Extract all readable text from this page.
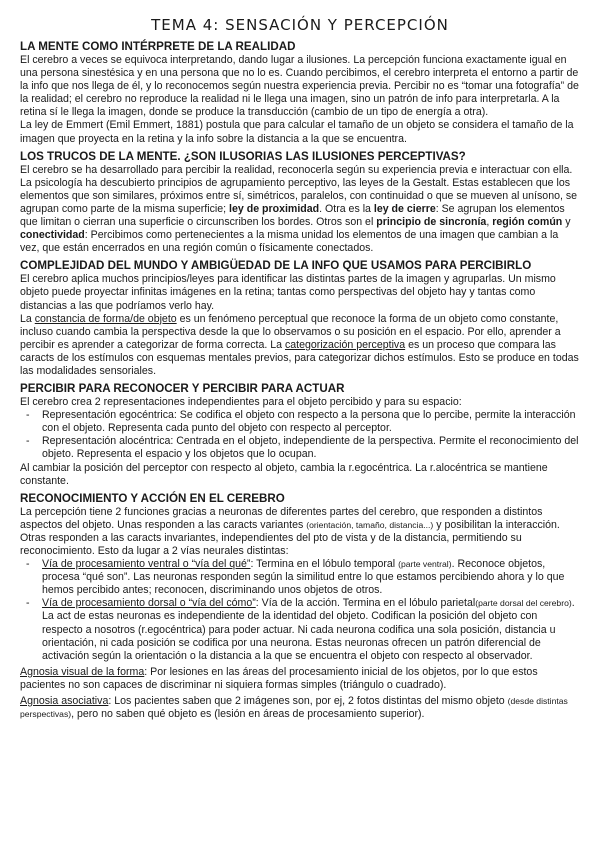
TEMA 4: SENSACIÓN Y PERCEPCIÓN
LA MENTE COMO INTÉRPRETE DE LA REALIDAD

El cerebro a veces se equivoca interpretando, dando lugar a ilusiones. La percepción funciona exactamente igual en una persona sinestésica y en una persona que no lo es. Cuando percibimos, el cerebro interpreta el entorno a partir de la info que nos llega de él, y lo reconocemos según nuestra experiencia previa. Percibir no es “tomar una fotografía” de la realidad; el cerebro no reproduce la realidad ni le llega una imagen, sino un patrón de info para interpretarla. A la retina sí le llega la imagen, donde se produce la transducción (cambio de un tipo de energía a otra).

La ley de Emmert (Emil Emmert, 1881) postula que para calcular el tamaño de un objeto se considera el tamaño de la imagen que proyecta en la retina y la info sobre la distancia a la que se encuentra.

LOS TRUCOS DE LA MENTE. ¿SON ILUSORIAS LAS ILUSIONES PERCEPTIVAS?

El cerebro se ha desarrollado para percibir la realidad, reconocerla según su experiencia previa e interactuar con ella.

La psicología ha descubierto principios de agrupamiento perceptivo, las leyes de la Gestalt. Estas establecen que los elementos que son similares, próximos entre sí, simétricos, paralelos, con continuidad o que se mueven al unísono, se agrupan como parte de la misma superficie; ley de proximidad. Otra es la ley de cierre: Se agrupan los elementos que limitan o cierran una superficie o circunscriben los bordes. Otros son el principio de sincronía, región común y conectividad: Percibimos como pertenecientes a la misma unidad los elementos de una imagen que cambian a la vez, que están encerrados en una región común o físicamente conectados.

COMPLEJIDAD DEL MUNDO Y AMBIGÜEDAD DE LA INFO QUE USAMOS PARA PERCIBIRLO

El cerebro aplica muchos principios/leyes para identificar las distintas partes de la imagen y agruparlas. Un mismo objeto puede proyectar infinitas imágenes en la retina; tantas como perspectivas del objeto hay y tantas como distancias a las que podríamos verlo hay.

La constancia de forma/de objeto es un fenómeno perceptual que reconoce la forma de un objeto como constante, incluso cuando cambia la perspectiva desde la que lo observamos o su posición en el espacio. Por ello, aprender a percibir es aprender a categorizar de forma correcta. La categorización perceptiva es un proceso que compara las caracts de los estímulos con esquemas mentales previos, para categorizar dichos estímulos. Esto se produce en todas las modalidades sensoriales.

PERCIBIR PARA RECONOCER Y PERCIBIR PARA ACTUAR

El cerebro crea 2 representaciones independientes para el objeto percibido y para su espacio:

- Representación egocéntrica: Se codifica el objeto con respecto a la persona que lo percibe, permite la interacción con el objeto. Representa cada punto del objeto con respecto al perceptor.
- Representación alocéntrica: Centrada en el objeto, independiente de la perspectiva. Permite el reconocimiento del objeto. Representa el espacio y los objetos que lo ocupan.

Al cambiar la posición del perceptor con respecto al objeto, cambia la r.egocéntrica. La r.alocéntrica se mantiene constante.

RECONOCIMIENTO Y ACCIÓN EN EL CEREBRO

La percepción tiene 2 funciones gracias a neuronas de diferentes partes del cerebro, que responden a distintos aspectos del objeto. Unas responden a las caracts variantes (orientación, tamaño, distancia...) y posibilitan la interacción. Otras responden a las caracts invariantes, independientes del pto de vista y de la distancia, permitiendo su reconocimiento. Esto da lugar a 2 vías neurales distintas:

- Vía de procesamiento ventral o “vía del qué”: Termina en el lóbulo temporal (parte ventral). Reconoce objetos, procesa “qué son”. Las neuronas responden según la similitud entre lo que estamos percibiendo ahora y lo que hemos percibido antes; reconocen, discriminando unos objetos de otros.
- Vía de procesamiento dorsal o “vía del cómo”: Vía de la acción. Termina en el lóbulo parietal(parte dorsal del cerebro). La act de estas neuronas es independiente de la identidad del objeto. Codifican la posición del objeto con respecto a nosotros (r.egocéntrica) para poder actuar. Ni cada neurona codifica una sola posición, distancia u orientación, ni cada posición se codifica por una neurona. Estas neuronas ofrecen un patrón diferencial de activación según la orientación o la distancia a la que se encuentra el objeto con respecto al observador.

Agnosia visual de la forma: Por lesiones en las áreas del procesamiento inicial de los objetos, por lo que estos pacientes no son capaces de discriminar ni siquiera formas simples (triángulo o cuadrado).

Agnosia asociativa: Los pacientes saben que 2 imágenes son, por ej, 2 fotos distintas del mismo objeto (desde distintas perspectivas), pero no saben qué objeto es (lesión en áreas de procesamiento superior).
